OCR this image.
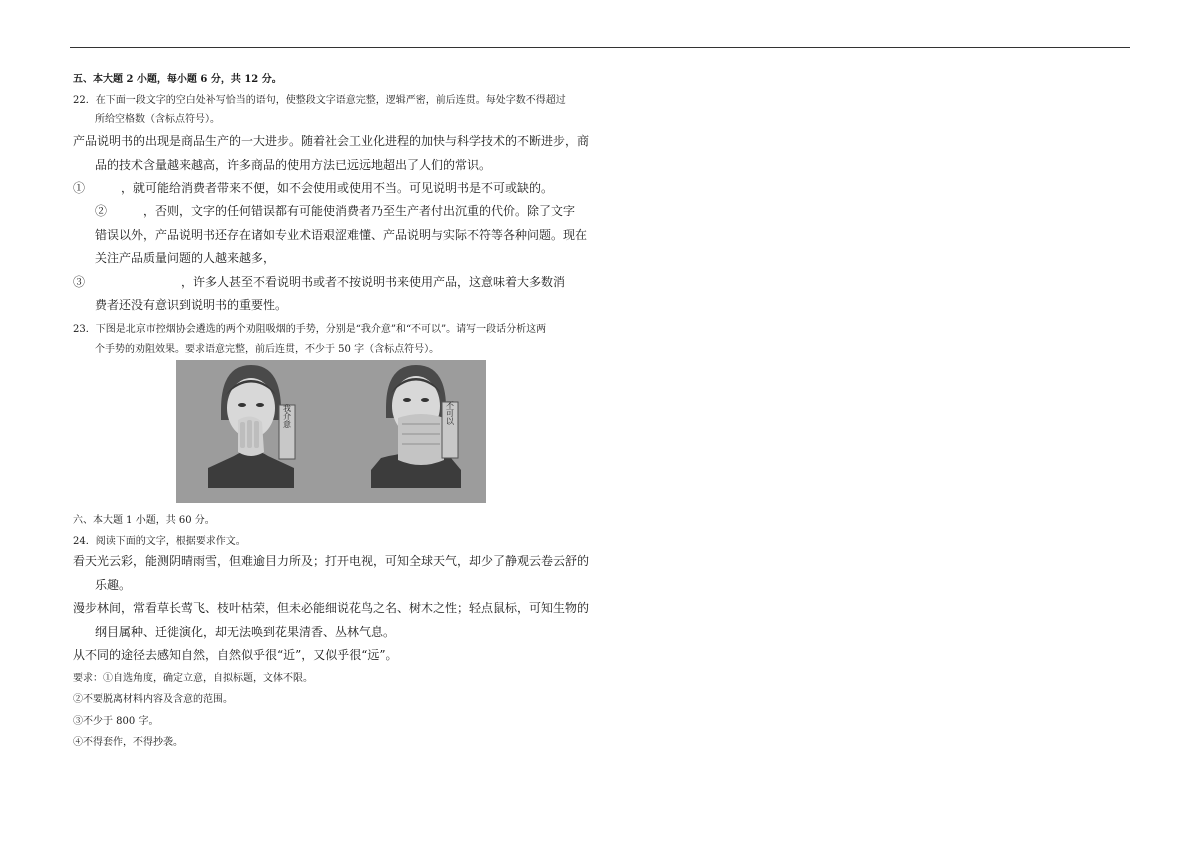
五、本大题 2 小题，每小题 6 分，共 12 分。
22．在下面一段文字的空白处补写恰当的语句，使整段文字语意完整，逻辑严密，前后连贯。每处字数不得超过
所给空格数（含标点符号）。
产品说明书的出现是商品生产的一大进步。随着社会工业化进程的加快与科学技术的不断进步，商
品的技术含量越来越高，许多商品的使用方法已远远地超出了人们的常识。
①　　　，就可能给消费者带来不便，如不会使用或使用不当。可见说明书是不可或缺的。
②　　　，否则，文字的任何错误都有可能使消费者乃至生产者付出沉重的代价。除了文字
错误以外，产品说明书还存在诸如专业术语艰涩难懂、产品说明与实际不符等各种问题。现在
关注产品质量问题的人越来越多，
③　　　　　　　　，许多人甚至不看说明书或者不按说明书来使用产品，这意味着大多数消
费者还没有意识到说明书的重要性。
23．下图是北京市控烟协会遴选的两个劝阻吸烟的手势，分别是“我介意”和“不可以”。请写一段话分析这两
个手势的劝阻效果。要求语意完整，前后连贯，不少于 50 字（含标点符号）。
我介意	不可以
六、本大题 1 小题，共 60 分。
24．阅读下面的文字，根据要求作文。
看天光云彩，能测阴晴雨雪，但难逾目力所及；打开电视，可知全球天气，却少了静观云卷云舒的
乐趣。
漫步林间，常看草长莺飞、枝叶枯荣，但未必能细说花鸟之名、树木之性；轻点鼠标，可知生物的
纲目属种、迁徙演化，却无法唤到花果清香、丛林气息。
从不同的途径去感知自然，自然似乎很“近”，又似乎很“远”。
要求：①自选角度，确定立意，自拟标题，文体不限。
②不要脱离材料内容及含意的范围。
③不少于 800 字。
④不得套作，不得抄袭。
